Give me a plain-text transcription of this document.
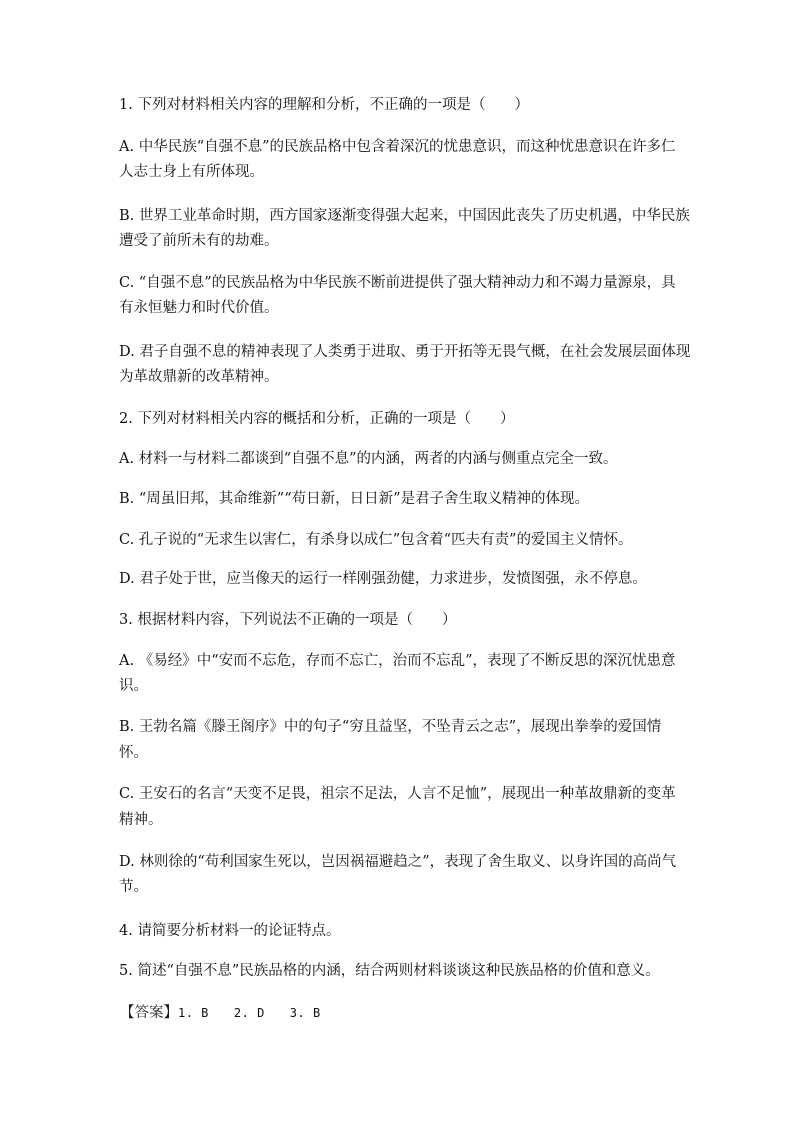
1. 下列对材料相关内容的理解和分析，不正确的一项是（　　）
A. 中华民族“自强不息”的民族品格中包含着深沉的忧患意识，而这种忧患意识在许多仁
人志士身上有所体现。
B. 世界工业革命时期，西方国家逐渐变得强大起来，中国因此丧失了历史机遇，中华民族
遭受了前所未有的劫难。
C. “自强不息”的民族品格为中华民族不断前进提供了强大精神动力和不竭力量源泉，具
有永恒魅力和时代价值。
D. 君子自强不息的精神表现了人类勇于进取、勇于开拓等无畏气概，在社会发展层面体现
为革故鼎新的改革精神。
2. 下列对材料相关内容的概括和分析，正确的一项是（　　）
A. 材料一与材料二都谈到“自强不息”的内涵，两者的内涵与侧重点完全一致。
B. “周虽旧邦，其命维新”“苟日新，日日新”是君子舍生取义精神的体现。
C. 孔子说的“无求生以害仁，有杀身以成仁”包含着“匹夫有责”的爱国主义情怀。
D. 君子处于世，应当像天的运行一样刚强劲健，力求进步，发愤图强，永不停息。
3. 根据材料内容，下列说法不正确的一项是（　　）
A. 《易经》中“安而不忘危，存而不忘亡，治而不忘乱”，表现了不断反思的深沉忧患意
识。
B. 王勃名篇《滕王阁序》中的句子“穷且益坚，不坠青云之志”，展现出拳拳的爱国情
怀。
C. 王安石的名言“天变不足畏，祖宗不足法，人言不足恤”，展现出一种革故鼎新的变革
精神。
D. 林则徐的“苟利国家生死以，岂因祸福避趋之”，表现了舍生取义、以身许国的高尚气
节。
4. 请简要分析材料一的论证特点。
5. 简述“自强不息”民族品格的内涵，结合两则材料谈谈这种民族品格的价值和意义。
【答案】1. B　　2. D　　3. B
